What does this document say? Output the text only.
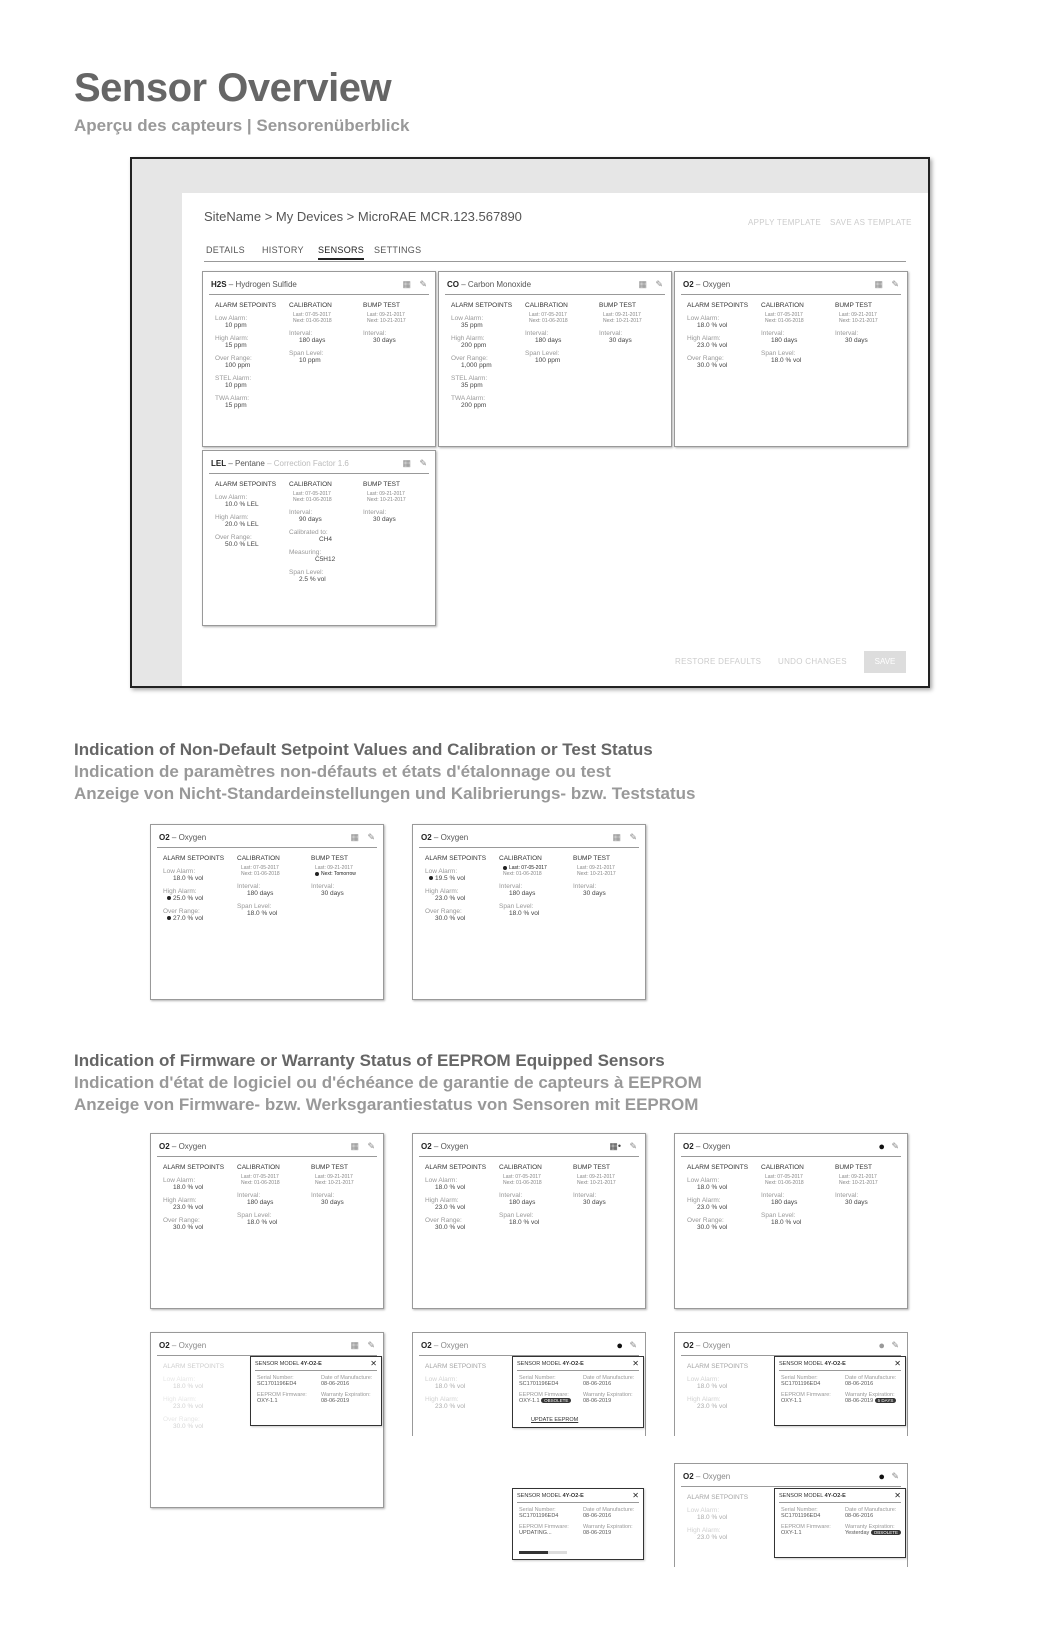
Sensor Overview
Aperçu des capteurs | Sensorenüberblick
SiteName > My Devices > MicroRAE MCR.123.567890	APPLY TEMPLATE SAVE AS TEMPLATE
DETAILS HISTORY SENSORS SETTINGS
RESTORE DEFAULTS UNDO CHANGES	SAVE
H2S – Hydrogen Sulfide	▦ ✎
ALARM SETPOINTS
Low Alarm:
10 ppm
High Alarm:
15 ppm
Over Range:
100 ppm
STEL Alarm:
10 ppm
TWA Alarm:
15 ppm
CALIBRATION
Last: 07-05-2017
Next: 01-06-2018
Interval:
180 days
Span Level:
10 ppm
BUMP TEST
Last: 09-21-2017
Next: 10-21-2017
Interval:
30 days
CO – Carbon Monoxide	▦ ✎
ALARM SETPOINTS
Low Alarm:
35 ppm
High Alarm:
200 ppm
Over Range:
1,000 ppm
STEL Alarm:
35 ppm
TWA Alarm:
200 ppm
CALIBRATION
Last: 07-05-2017
Next: 01-06-2018
Interval:
180 days
Span Level:
100 ppm
BUMP TEST
Last: 09-21-2017
Next: 10-21-2017
Interval:
30 days
O2 – Oxygen	▦ ✎
ALARM SETPOINTS
Low Alarm:
18.0 % vol
High Alarm:
23.0 % vol
Over Range:
30.0 % vol
CALIBRATION
Last: 07-05-2017
Next: 01-06-2018
Interval:
180 days
Span Level:
18.0 % vol
BUMP TEST
Last: 09-21-2017
Next: 10-21-2017
Interval:
30 days
LEL – Pentane – Correction Factor 1.6	▦ ✎
ALARM SETPOINTS
Low Alarm:
10.0 % LEL
High Alarm:
20.0 % LEL
Over Range:
50.0 % LEL
CALIBRATION
Last: 07-05-2017
Next: 01-06-2018
Interval:
90 days
Calibrated to:
CH4
Measuring:
C5H12
Span Level:
2.5 % vol
BUMP TEST
Last: 09-21-2017
Next: 10-21-2017
Interval:
30 days
Indication of Non-Default Setpoint Values and Calibration or Test Status
Indication de paramètres non-défauts et états d'étalonnage ou test
Anzeige von Nicht-Standardeinstellungen und Kalibrierungs- bzw. Teststatus
O2 – Oxygen	▦ ✎
ALARM SETPOINTS
Low Alarm:
18.0 % vol
High Alarm:
25.0 % vol
Over Range:
27.0 % vol
CALIBRATION
Last: 07-05-2017
Next: 01-06-2018
Interval:
180 days
Span Level:
18.0 % vol
BUMP TEST
Last: 09-21-2017
Next: Tomorrow
Interval:
30 days
O2 – Oxygen	▦ ✎
ALARM SETPOINTS
Low Alarm:
19.5 % vol
High Alarm:
23.0 % vol
Over Range:
30.0 % vol
CALIBRATION
Last: 07-05-2017
Next: 01-06-2018
Interval:
180 days
Span Level:
18.0 % vol
BUMP TEST
Last: 09-21-2017
Next: 10-21-2017
Interval:
30 days
Indication of Firmware or Warranty Status of EEPROM Equipped Sensors
Indication d'état de logiciel ou d'échéance de garantie de capteurs à EEPROM
Anzeige von Firmware- bzw. Werksgarantiestatus von Sensoren mit EEPROM
O2 – Oxygen	▦ ✎
ALARM SETPOINTS
Low Alarm:
18.0 % vol
High Alarm:
23.0 % vol
Over Range:
30.0 % vol
CALIBRATION
Last: 07-05-2017
Next: 01-06-2018
Interval:
180 days
Span Level:
18.0 % vol
BUMP TEST
Last: 09-21-2017
Next: 10-21-2017
Interval:
30 days
O2 – Oxygen	▦• ✎
ALARM SETPOINTS
Low Alarm:
18.0 % vol
High Alarm:
23.0 % vol
Over Range:
30.0 % vol
CALIBRATION
Last: 07-05-2017
Next: 01-06-2018
Interval:
180 days
Span Level:
18.0 % vol
BUMP TEST
Last: 09-21-2017
Next: 10-21-2017
Interval:
30 days
O2 – Oxygen	● ✎
ALARM SETPOINTS
Low Alarm:
18.0 % vol
High Alarm:
23.0 % vol
Over Range:
30.0 % vol
CALIBRATION
Last: 07-05-2017
Next: 01-06-2018
Interval:
180 days
Span Level:
18.0 % vol
BUMP TEST
Last: 09-21-2017
Next: 10-21-2017
Interval:
30 days
O2 – Oxygen	▦ ✎
SENSOR MODEL 4Y-O2-E	✕
Serial Number:
SC1701196ED4
EEPROM Firmware:
OXY-1.1
Date of Manufacture:
08-06-2016
Warranty Expiration:
08-06-2019
O2 – Oxygen	● ✎
ALARM SETPOINTS
Low Alarm:
18.0 % vol
High Alarm:
23.0 % vol
SENSOR MODEL 4Y-O2-E	✕
Serial Number:
SC1701196ED4
EEPROM Firmware:
OXY-1.1 OBSOLETE
Date of Manufacture:
08-06-2016
Warranty Expiration:
08-06-2019
UPDATE EEPROM
O2 – Oxygen	● ✎
ALARM SETPOINTS
Low Alarm:
18.0 % vol
High Alarm:
23.0 % vol
SENSOR MODEL 4Y-O2-E	✕
Serial Number:
SC1701196ED4
EEPROM Firmware:
OXY-1.1
Date of Manufacture:
08-06-2016
Warranty Expiration:
08-06-2019 5 DAYS
SENSOR MODEL 4Y-O2-E	✕
Serial Number:
SC1701196ED4
EEPROM Firmware:
UPDATING...
Date of Manufacture:
08-06-2016
Warranty Expiration:
08-06-2019
O2 – Oxygen	● ✎
ALARM SETPOINTS
Low Alarm:
18.0 % vol
High Alarm:
23.0 % vol
SENSOR MODEL 4Y-O2-E	✕
Serial Number:
SC1701196ED4
EEPROM Firmware:
OXY-1.1
Date of Manufacture:
08-06-2016
Warranty Expiration:
Yesterday OBSOLETE
